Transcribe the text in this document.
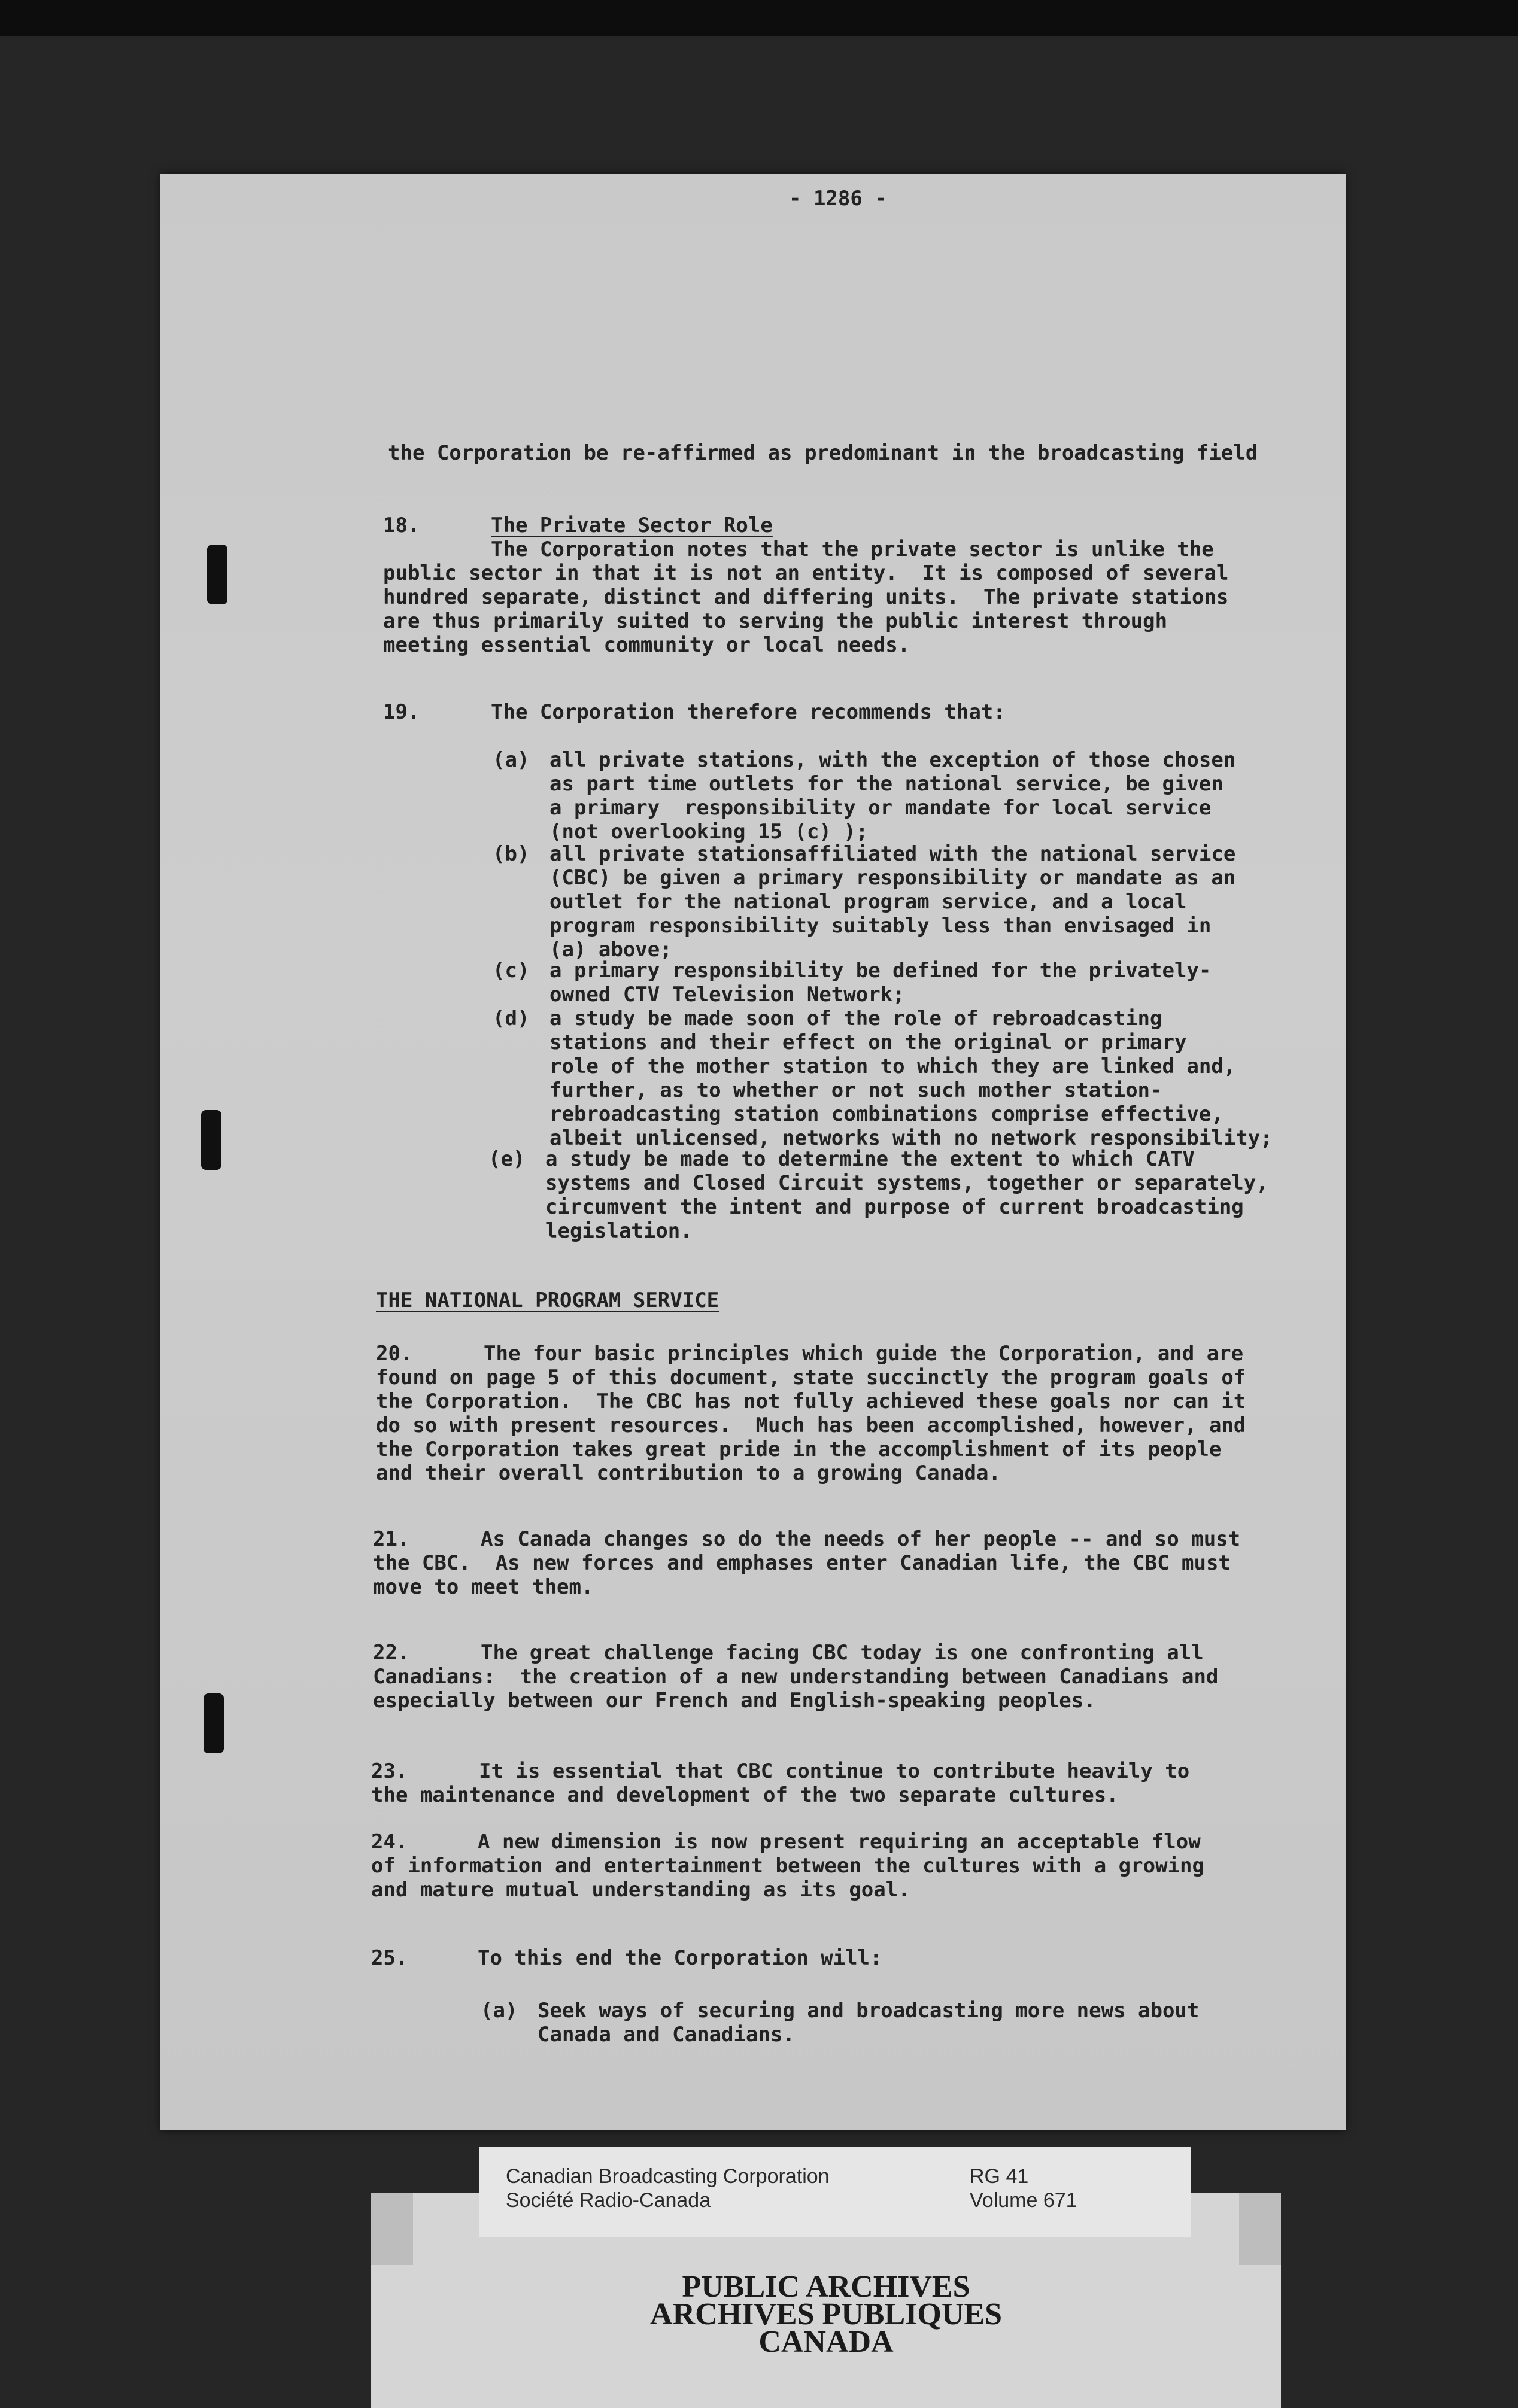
- 1286 -
the Corporation be re-affirmed as predominant in the broadcasting field
18.	The Private Sector Role
The Corporation notes that the private sector is unlike the
public sector in that it is not an entity.  It is composed of several
hundred separate, distinct and differing units.  The private stations
are thus primarily suited to serving the public interest through
meeting essential community or local needs.
19.	The Corporation therefore recommends that:
(a) all private stations, with the exception of those chosen
as part time outlets for the national service, be given
a primary  responsibility or mandate for local service
(not overlooking 15 (c) );
(b) all private stationsaffiliated with the national service
(CBC) be given a primary responsibility or mandate as an
outlet for the national program service, and a local
program responsibility suitably less than envisaged in
(a) above;
(c) a primary responsibility be defined for the privately-
owned CTV Television Network;
(d) a study be made soon of the role of rebroadcasting
stations and their effect on the original or primary
role of the mother station to which they are linked and,
further, as to whether or not such mother station-
rebroadcasting station combinations comprise effective,
albeit unlicensed, networks with no network responsibility;
(e) a study be made to determine the extent to which CATV
systems and Closed Circuit systems, together or separately,
circumvent the intent and purpose of current broadcasting
legislation.
THE NATIONAL PROGRAM SERVICE
20.	The four basic principles which guide the Corporation, and are
found on page 5 of this document, state succinctly the program goals of
the Corporation.  The CBC has not fully achieved these goals nor can it
do so with present resources.  Much has been accomplished, however, and
the Corporation takes great pride in the accomplishment of its people
and their overall contribution to a growing Canada.
21.	As Canada changes so do the needs of her people -- and so must
the CBC.  As new forces and emphases enter Canadian life, the CBC must
move to meet them.
22.	The great challenge facing CBC today is one confronting all
Canadians:  the creation of a new understanding between Canadians and
especially between our French and English-speaking peoples.
23.	It is essential that CBC continue to contribute heavily to
the maintenance and development of the two separate cultures.
24.	A new dimension is now present requiring an acceptable flow
of information and entertainment between the cultures with a growing
and mature mutual understanding as its goal.
25.	To this end the Corporation will:
(a) Seek ways of securing and broadcasting more news about
Canada and Canadians.
PUBLIC ARCHIVES
ARCHIVES PUBLIQUES
CANADA
Canadian Broadcasting Corporation
Société Radio-Canada
RG 41
Volume 671
